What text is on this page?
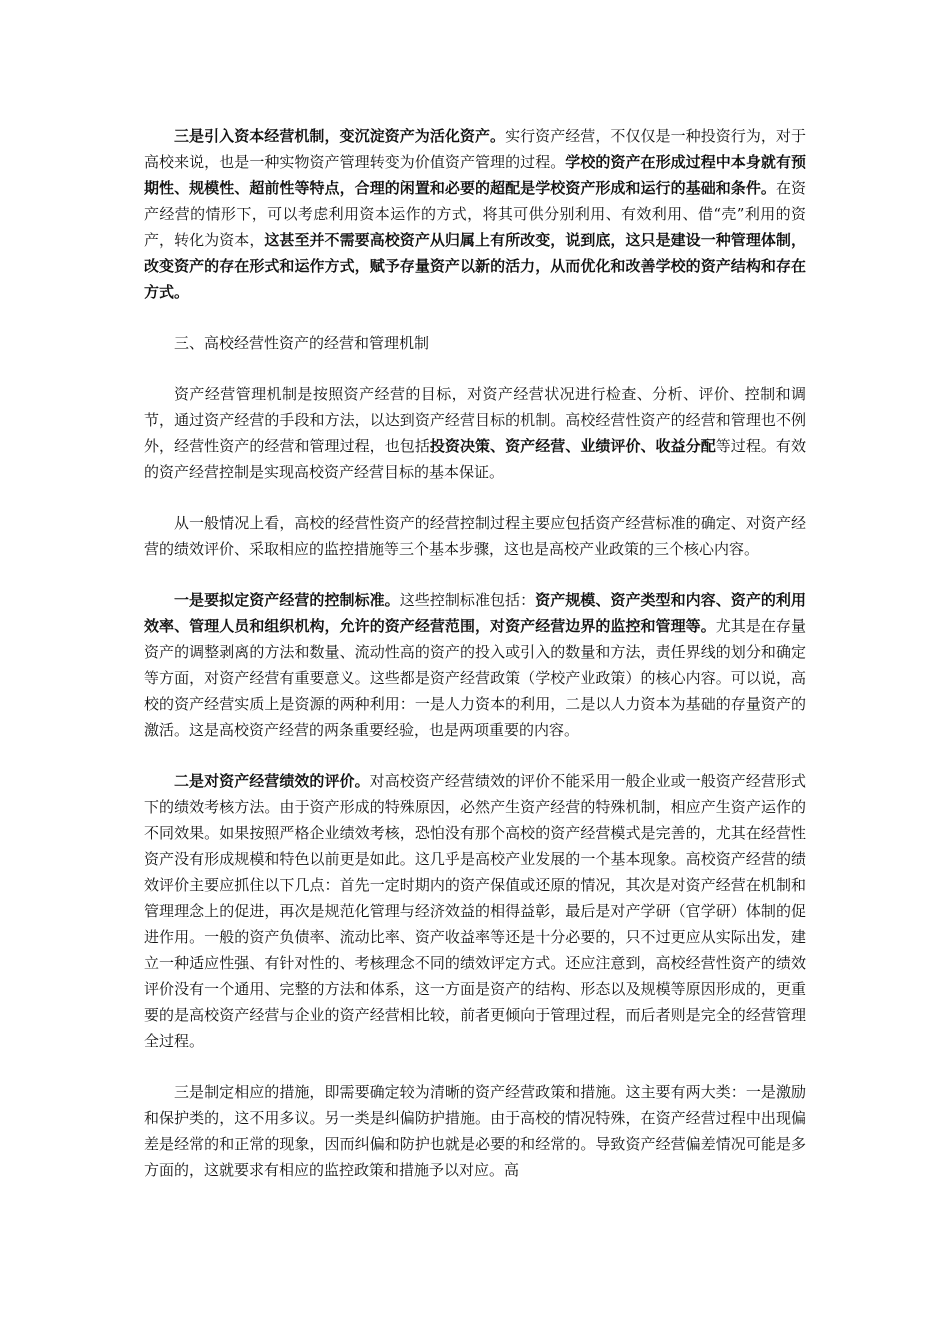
三是引入资本经营机制，变沉淀资产为活化资产。实行资产经营，不仅仅是一种投资行为，对于高校来说，也是一种实物资产管理转变为价值资产管理的过程。学校的资产在形成过程中本身就有预期性、规模性、超前性等特点，合理的闲置和必要的超配是学校资产形成和运行的基础和条件。在资产经营的情形下，可以考虑利用资本运作的方式，将其可供分别利用、有效利用、借“壳”利用的资产，转化为资本，这甚至并不需要高校资产从归属上有所改变，说到底，这只是建设一种管理体制，改变资产的存在形式和运作方式，赋予存量资产以新的活力，从而优化和改善学校的资产结构和存在方式。

三、高校经营性资产的经营和管理机制

资产经营管理机制是按照资产经营的目标，对资产经营状况进行检查、分析、评价、控制和调节，通过资产经营的手段和方法，以达到资产经营目标的机制。高校经营性资产的经营和管理也不例外，经营性资产的经营和管理过程，也包括投资决策、资产经营、业绩评价、收益分配等过程。有效的资产经营控制是实现高校资产经营目标的基本保证。

从一般情况上看，高校的经营性资产的经营控制过程主要应包括资产经营标准的确定、对资产经营的绩效评价、采取相应的监控措施等三个基本步骤，这也是高校产业政策的三个核心内容。

一是要拟定资产经营的控制标准。这些控制标准包括：资产规模、资产类型和内容、资产的利用效率、管理人员和组织机构，允许的资产经营范围，对资产经营边界的监控和管理等。尤其是在存量资产的调整剥离的方法和数量、流动性高的资产的投入或引入的数量和方法，责任界线的划分和确定等方面，对资产经营有重要意义。这些都是资产经营政策（学校产业政策）的核心内容。可以说，高校的资产经营实质上是资源的两种利用：一是人力资本的利用，二是以人力资本为基础的存量资产的激活。这是高校资产经营的两条重要经验，也是两项重要的内容。

二是对资产经营绩效的评价。对高校资产经营绩效的评价不能采用一般企业或一般资产经营形式下的绩效考核方法。由于资产形成的特殊原因，必然产生资产经营的特殊机制，相应产生资产运作的不同效果。如果按照严格企业绩效考核，恐怕没有那个高校的资产经营模式是完善的，尤其在经营性资产没有形成规模和特色以前更是如此。这几乎是高校产业发展的一个基本现象。高校资产经营的绩效评价主要应抓住以下几点：首先一定时期内的资产保值或还原的情况，其次是对资产经营在机制和管理理念上的促进，再次是规范化管理与经济效益的相得益彰，最后是对产学研（官学研）体制的促进作用。一般的资产负债率、流动比率、资产收益率等还是十分必要的，只不过更应从实际出发，建立一种适应性强、有针对性的、考核理念不同的绩效评定方式。还应注意到，高校经营性资产的绩效评价没有一个通用、完整的方法和体系，这一方面是资产的结构、形态以及规模等原因形成的，更重要的是高校资产经营与企业的资产经营相比较，前者更倾向于管理过程，而后者则是完全的经营管理全过程。

三是制定相应的措施，即需要确定较为清晰的资产经营政策和措施。这主要有两大类：一是激励和保护类的，这不用多议。另一类是纠偏防护措施。由于高校的情况特殊，在资产经营过程中出现偏差是经常的和正常的现象，因而纠偏和防护也就是必要的和经常的。导致资产经营偏差情况可能是多方面的，这就要求有相应的监控政策和措施予以对应。高
